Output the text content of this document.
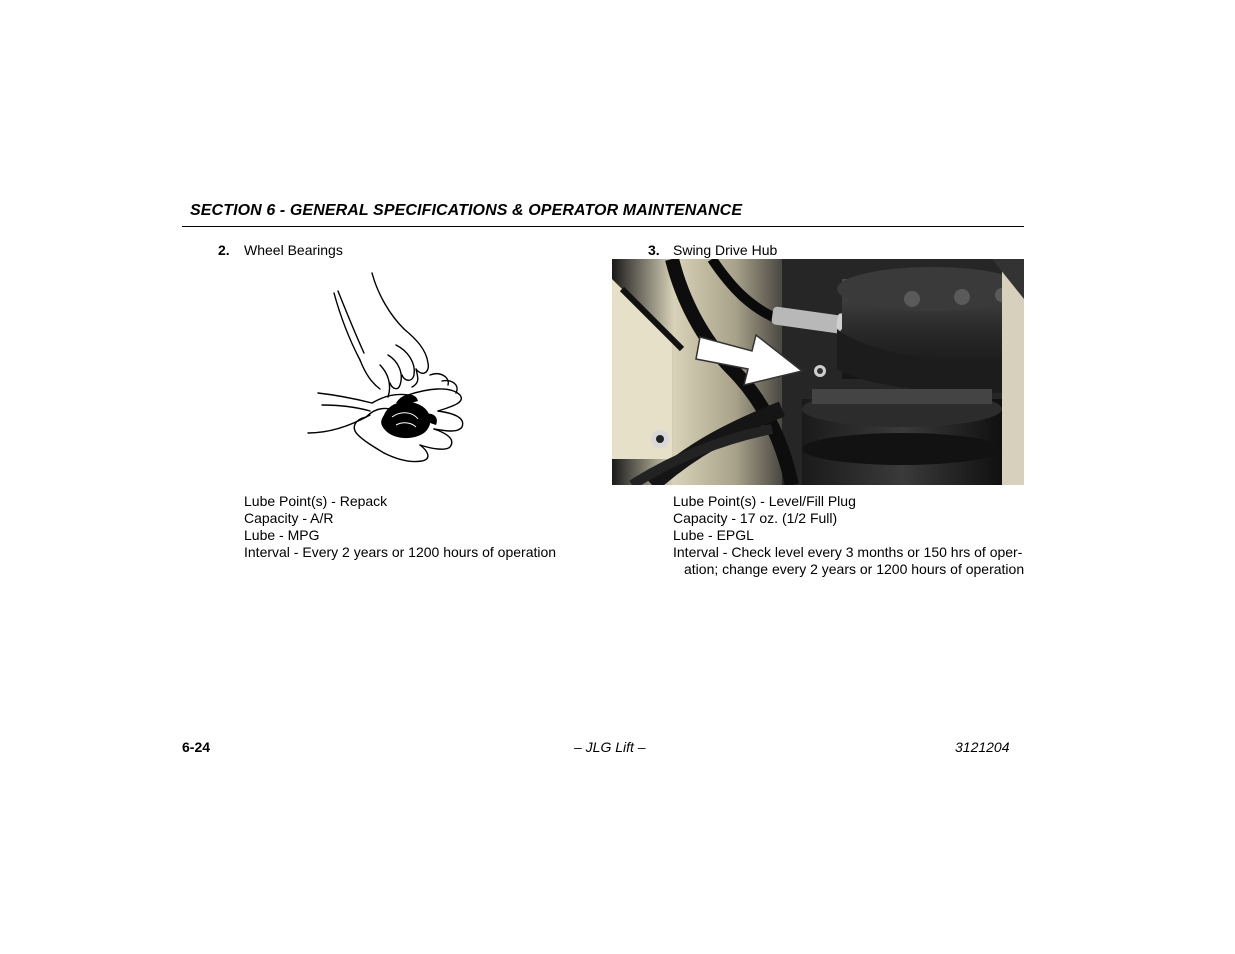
SECTION 6 - GENERAL SPECIFICATIONS & OPERATOR MAINTENANCE
2. Wheel Bearings
Lube Point(s) - Repack
Capacity - A/R
Lube - MPG
Interval - Every 2 years or 1200 hours of operation
3. Swing Drive Hub
Lube Point(s) - Level/Fill Plug
Capacity - 17 oz. (1/2 Full)
Lube - EPGL
Interval - Check level every 3 months or 150 hrs of oper-
ation; change every 2 years or 1200 hours of operation
6-24	– JLG Lift –	3121204
